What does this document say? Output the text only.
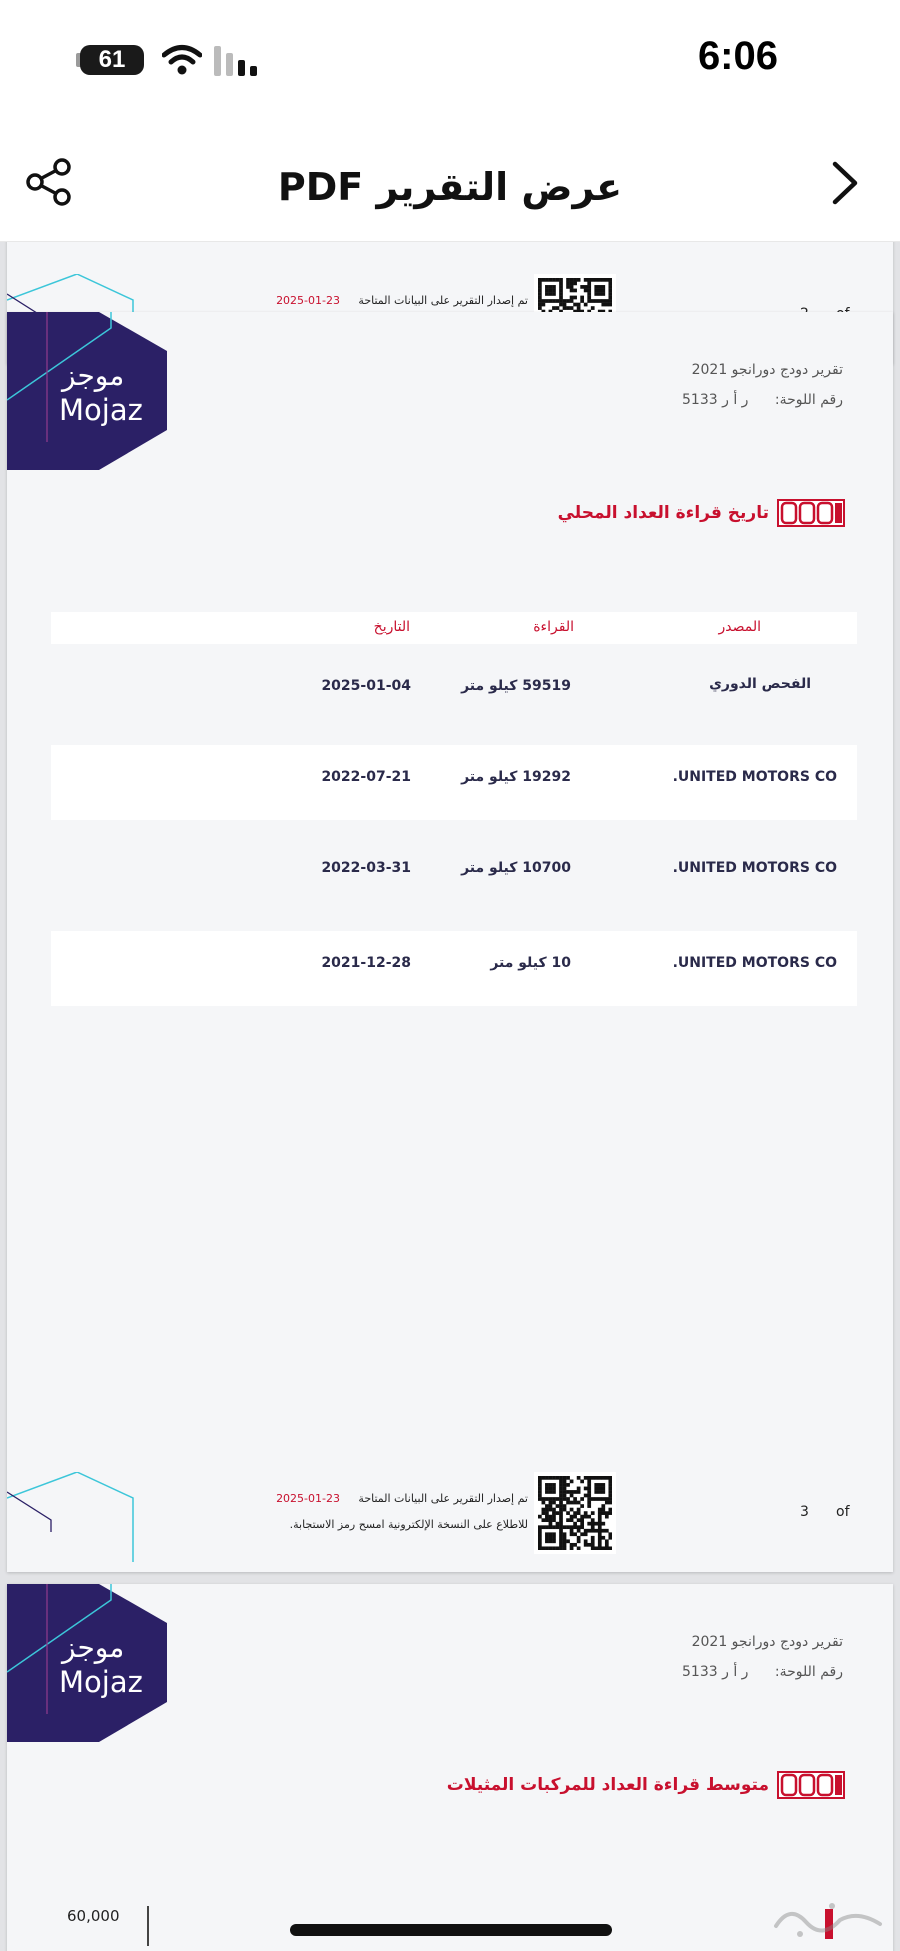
61	6:06
عرض التقرير PDF
تم إصدار التقرير على البيانات المتاحة
2025-01-23
موجز
Mojaz
تقرير دودج دورانجو 2021
رقم اللوحة: ر أ ر 5133
تاريخ قراءة العداد المحلي
المصدر
القراءة
التاريخ
الفحص الدوري
59519 كيلو متر
2025-01-04
UNITED MOTORS CO.
19292 كيلو متر
2022-07-21
UNITED MOTORS CO.
10700 كيلو متر
2022-03-31
UNITED MOTORS CO.
10 كيلو متر
2021-12-28
تم إصدار التقرير على البيانات المتاحة
2025-01-23
للاطلاع على النسخة الإلكترونية امسح رمز الاستجابة.
3 of
موجز
Mojaz
تقرير دودج دورانجو 2021
رقم اللوحة: ر أ ر 5133
متوسط قراءة العداد للمركبات المثيلات
60,000
